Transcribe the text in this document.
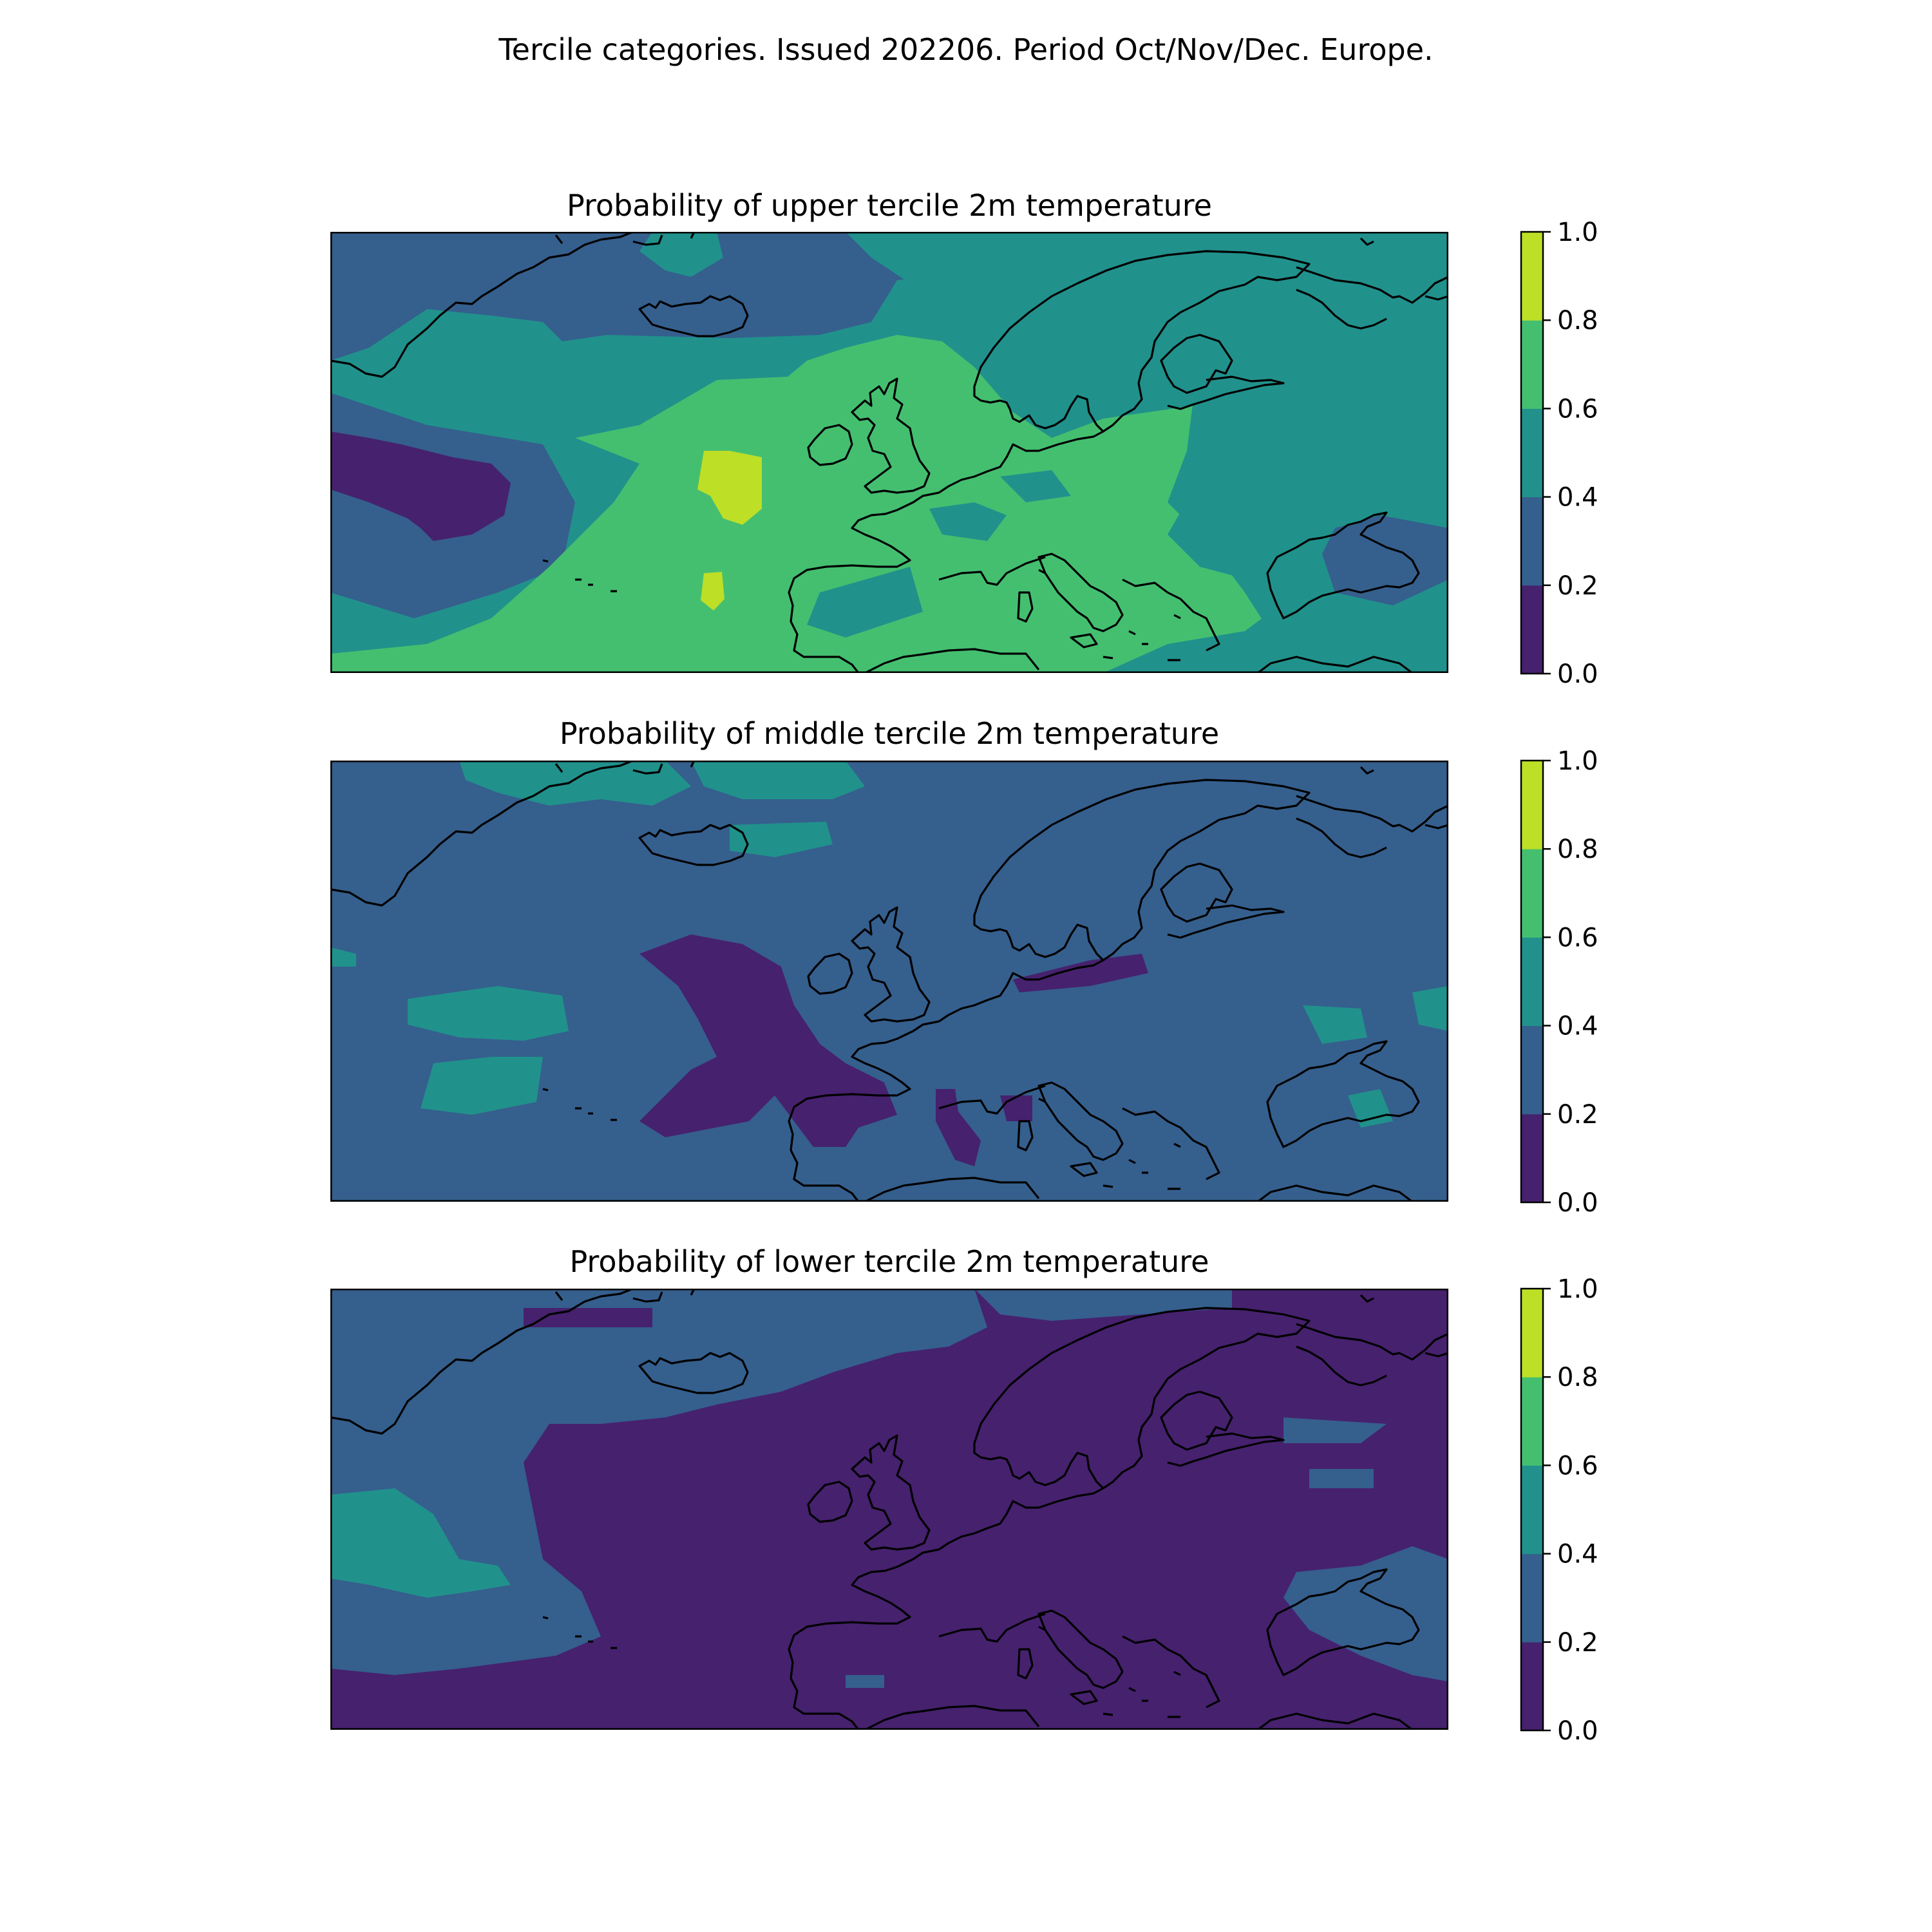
Tercile categories. Issued 202206. Period Oct/Nov/Dec. Europe.
Probability of upper tercile 2m temperature
0.0
0.2
0.4
0.6
0.8
1.0
Probability of middle tercile 2m temperature
0.0
0.2
0.4
0.6
0.8
1.0
Probability of lower tercile 2m temperature
0.0
0.2
0.4
0.6
0.8
1.0
